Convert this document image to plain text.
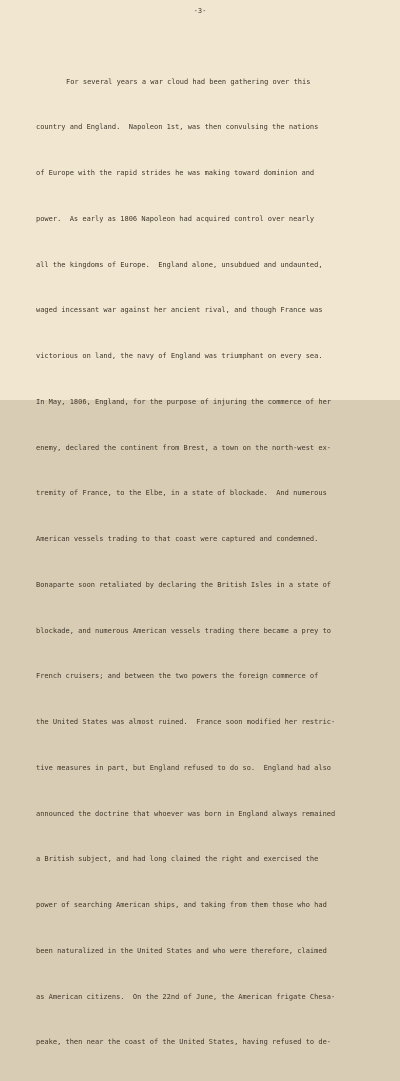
-3-

For several years a war cloud had been gathering over this

country and England.  Napoleon 1st, was then convulsing the nations

of Europe with the rapid strides he was making toward dominion and

power.  As early as 1806 Napoleon had acquired control over nearly

all the kingdoms of Europe.  England alone, unsubdued and undaunted,

waged incessant war against her ancient rival, and though France was

victorious on land, the navy of England was triumphant on every sea.

In May, 1806, England, for the purpose of injuring the commerce of her

enemy, declared the continent from Brest, a town on the north-west ex-

tremity of France, to the Elbe, in a state of blockade.  And numerous

American vessels trading to that coast were captured and condemned.

Bonaparte soon retaliated by declaring the British Isles in a state of

blockade, and numerous American vessels trading there became a prey to

French cruisers; and between the two powers the foreign commerce of

the United States was almost ruined.  France soon modified her restric-

tive measures in part, but England refused to do so.  England had also

announced the doctrine that whoever was born in England always remained

a British subject, and had long claimed the right and exercised the

power of searching American ships, and taking from them those who had

been naturalized in the United States and who were therefore, claimed

as American citizens.  On the 22nd of June, the American frigate Chesa-

peake, then near the coast of the United States, having refused to de-
